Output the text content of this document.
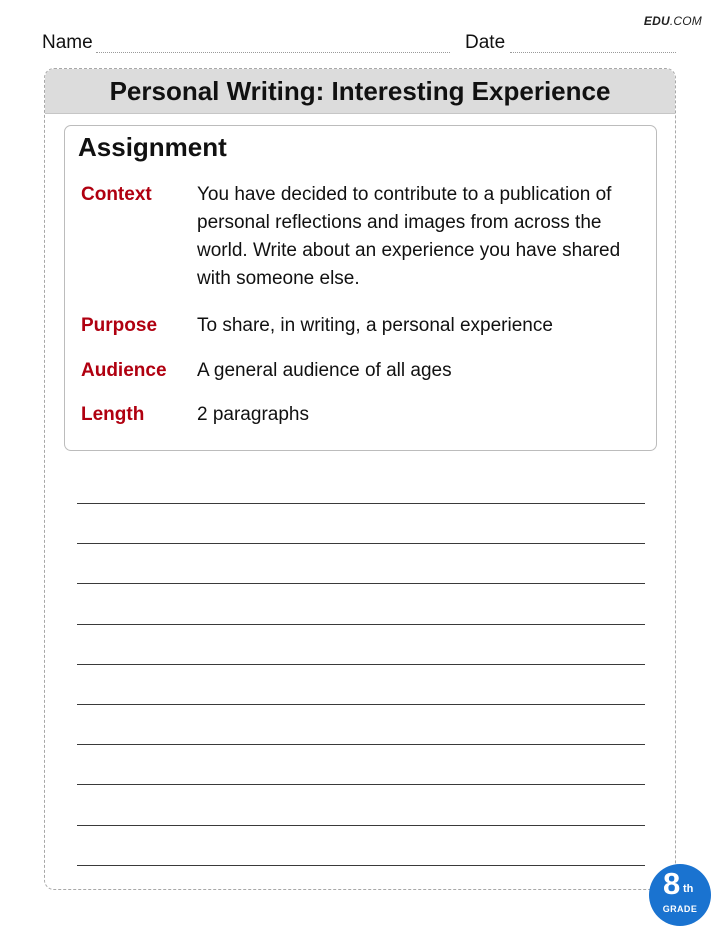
EDU.COM
Name	Date
Personal Writing: Interesting Experience
Assignment
Context You have decided to contribute to a publication of personal reflections and images from across the world. Write about an experience you have shared with someone else.
Purpose To share, in writing, a personal experience
Audience A general audience of all ages
Length	2 paragraphs
8 th
GRADE
